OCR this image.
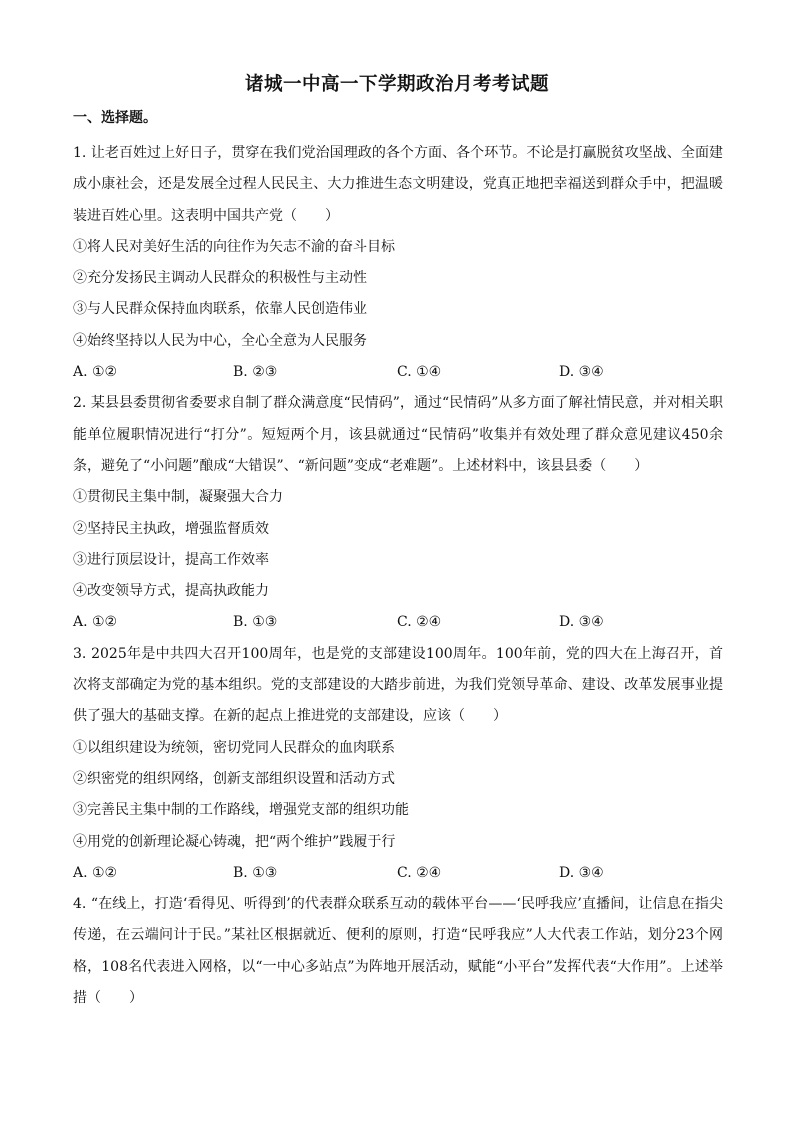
诸城一中高一下学期政治月考考试题
一、选择题。

1. 让老百姓过上好日子，贯穿在我们党治国理政的各个方面、各个环节。不论是打赢脱贫攻坚战、全面建成小康社会，还是发展全过程人民民主、大力推进生态文明建设，党真正地把幸福送到群众手中，把温暖装进百姓心里。这表明中国共产党（　　）

①将人民对美好生活的向往作为矢志不渝的奋斗目标

②充分发扬民主调动人民群众的积极性与主动性

③与人民群众保持血肉联系，依靠人民创造伟业

④始终坚持以人民为中心，全心全意为人民服务

A. ①②	B. ②③	C. ①④	D. ③④

2. 某县县委贯彻省委要求自制了群众满意度“民情码”，通过“民情码”从多方面了解社情民意，并对相关职能单位履职情况进行“打分”。短短两个月，该县就通过“民情码”收集并有效处理了群众意见建议450余条，避免了“小问题”酿成“大错误”、“新问题”变成“老难题”。上述材料中，该县县委（　　）

①贯彻民主集中制，凝聚强大合力

②坚持民主执政，增强监督质效

③进行顶层设计，提高工作效率

④改变领导方式，提高执政能力

A. ①②	B. ①③	C. ②④	D. ③④

3. 2025年是中共四大召开100周年，也是党的支部建设100周年。100年前，党的四大在上海召开，首次将支部确定为党的基本组织。党的支部建设的大踏步前进，为我们党领导革命、建设、改革发展事业提供了强大的基础支撑。在新的起点上推进党的支部建设，应该（　　）

①以组织建设为统领，密切党同人民群众的血肉联系

②织密党的组织网络，创新支部组织设置和活动方式

③完善民主集中制的工作路线，增强党支部的组织功能

④用党的创新理论凝心铸魂，把“两个维护”践履于行

A. ①②	B. ①③	C. ②④	D. ③④

4. “在线上，打造‘看得见、听得到’的代表群众联系互动的载体平台——‘民呼我应’直播间，让信息在指尖传递，在云端问计于民。”某社区根据就近、便利的原则，打造“民呼我应”人大代表工作站，划分23个网格，108名代表进入网格，以“一中心多站点”为阵地开展活动，赋能“小平台”发挥代表“大作用”。上述举措（　　）
